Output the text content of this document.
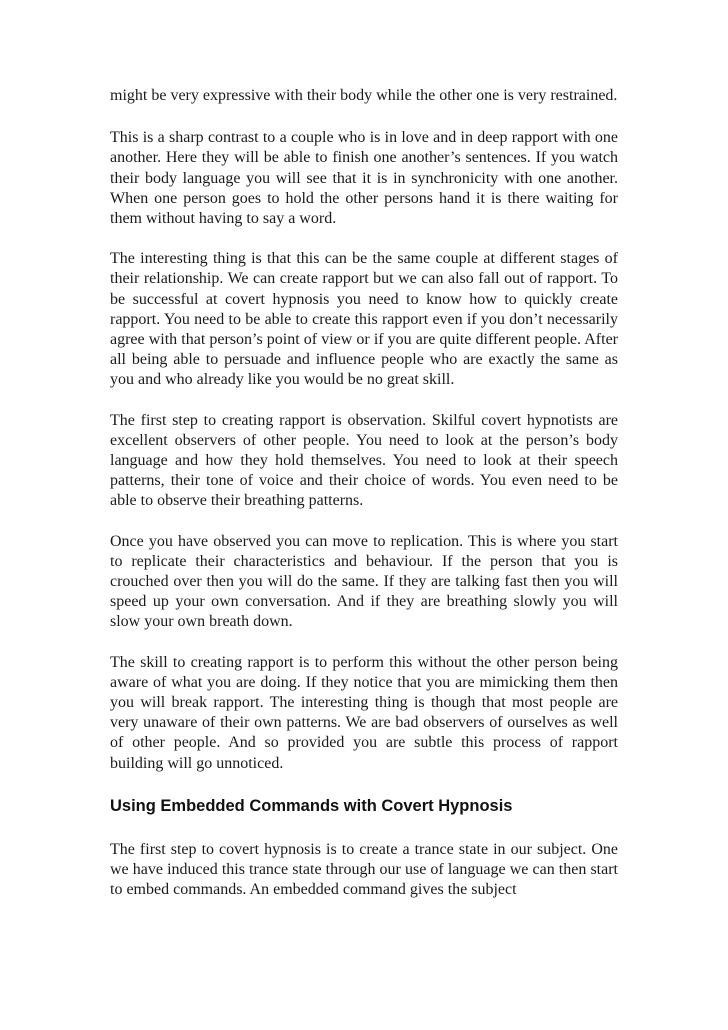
might be very expressive with their body while the other one is very restrained.

This is a sharp contrast to a couple who is in love and in deep rapport with one another. Here they will be able to finish one another’s sentences. If you watch their body language you will see that it is in synchronicity with one another. When one person goes to hold the other persons hand it is there waiting for them without having to say a word.

The interesting thing is that this can be the same couple at different stages of their relationship. We can create rapport but we can also fall out of rapport. To be successful at covert hypnosis you need to know how to quickly create rapport. You need to be able to create this rapport even if you don’t necessarily agree with that person’s point of view or if you are quite different people. After all being able to persuade and influence people who are exactly the same as you and who already like you would be no great skill.

The first step to creating rapport is observation. Skilful covert hypnotists are excellent observers of other people. You need to look at the person’s body language and how they hold themselves. You need to look at their speech patterns, their tone of voice and their choice of words. You even need to be able to observe their breathing patterns.

Once you have observed you can move to replication. This is where you start to replicate their characteristics and behaviour. If the person that you is crouched over then you will do the same. If they are talking fast then you will speed up your own conversation. And if they are breathing slowly you will slow your own breath down.

The skill to creating rapport is to perform this without the other person being aware of what you are doing. If they notice that you are mimicking them then you will break rapport. The interesting thing is though that most people are very unaware of their own patterns. We are bad observers of ourselves as well of other people. And so provided you are subtle this process of rapport building will go unnoticed.

Using Embedded Commands with Covert Hypnosis

The first step to covert hypnosis is to create a trance state in our subject. One we have induced this trance state through our use of language we can then start to embed commands. An embedded command gives the subject
